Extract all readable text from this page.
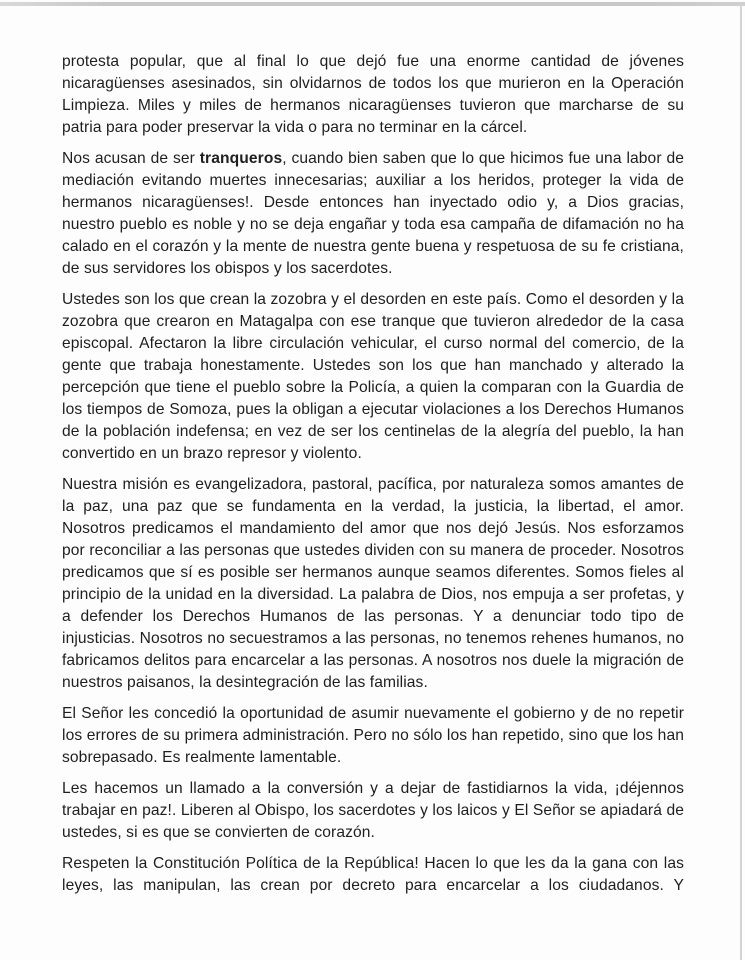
protesta popular, que al final lo que dejó fue una enorme cantidad de jóvenes nicaragüenses asesinados, sin olvidarnos de todos los que murieron en la Operación Limpieza. Miles y miles de hermanos nicaragüenses tuvieron que marcharse de su patria para poder preservar la vida o para no terminar en la cárcel.

Nos acusan de ser tranqueros, cuando bien saben que lo que hicimos fue una labor de mediación evitando muertes innecesarias; auxiliar a los heridos, proteger la vida de hermanos nicaragüenses!. Desde entonces han inyectado odio y, a Dios gracias, nuestro pueblo es noble y no se deja engañar y toda esa campaña de difamación no ha calado en el corazón y la mente de nuestra gente buena y respetuosa de su fe cristiana, de sus servidores los obispos y los sacerdotes.

Ustedes son los que crean la zozobra y el desorden en este país. Como el desorden y la zozobra que crearon en Matagalpa con ese tranque que tuvieron alrededor de la casa episcopal. Afectaron la libre circulación vehicular, el curso normal del comercio, de la gente que trabaja honestamente. Ustedes son los que han manchado y alterado la percepción que tiene el pueblo sobre la Policía, a quien la comparan con la Guardia de los tiempos de Somoza, pues la obligan a ejecutar violaciones a los Derechos Humanos de la población indefensa; en vez de ser los centinelas de la alegría del pueblo, la han convertido en un brazo represor y violento.

Nuestra misión es evangelizadora, pastoral, pacífica, por naturaleza somos amantes de la paz, una paz que se fundamenta en la verdad, la justicia, la libertad, el amor. Nosotros predicamos el mandamiento del amor que nos dejó Jesús. Nos esforzamos por reconciliar a las personas que ustedes dividen con su manera de proceder. Nosotros predicamos que sí es posible ser hermanos aunque seamos diferentes. Somos fieles al principio de la unidad en la diversidad. La palabra de Dios, nos empuja a ser profetas, y a defender los Derechos Humanos de las personas. Y a denunciar todo tipo de injusticias. Nosotros no secuestramos a las personas, no tenemos rehenes humanos, no fabricamos delitos para encarcelar a las personas. A nosotros nos duele la migración de nuestros paisanos, la desintegración de las familias.

El Señor les concedió la oportunidad de asumir nuevamente el gobierno y de no repetir los errores de su primera administración. Pero no sólo los han repetido, sino que los han sobrepasado. Es realmente lamentable.

Les hacemos un llamado a la conversión y a dejar de fastidiarnos la vida, ¡déjennos trabajar en paz!. Liberen al Obispo, los sacerdotes y los laicos y El Señor se apiadará de ustedes, si es que se convierten de corazón.

Respeten la Constitución Política de la República! Hacen lo que les da la gana con las leyes, las manipulan, las crean por decreto para encarcelar a los ciudadanos. Y
